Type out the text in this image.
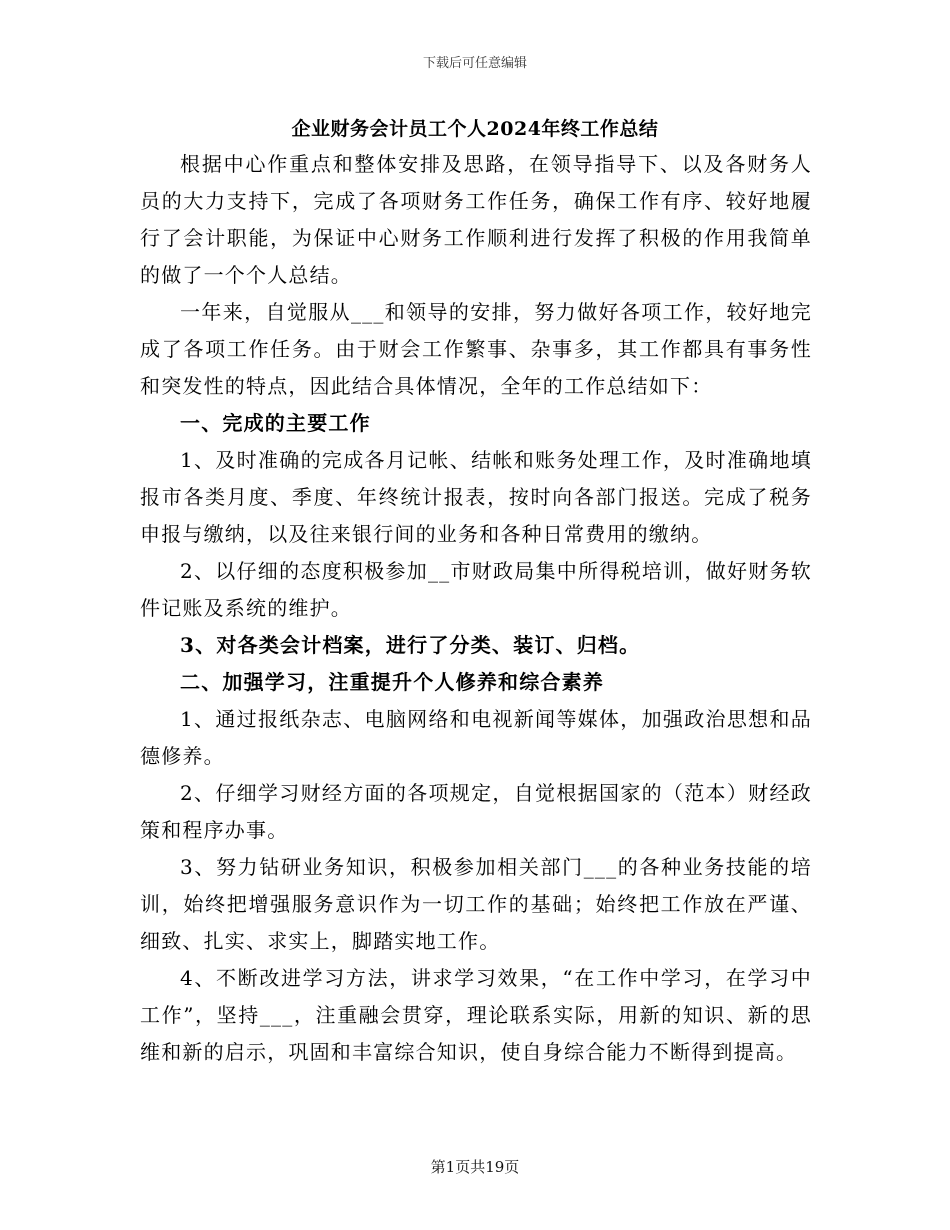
下载后可任意编辑
企业财务会计员工个人2024年终工作总结

根据中心作重点和整体安排及思路，在领导指导下、以及各财务人员的大力支持下，完成了各项财务工作任务，确保工作有序、较好地履行了会计职能，为保证中心财务工作顺利进行发挥了积极的作用我简单的做了一个个人总结。

一年来，自觉服从___和领导的安排，努力做好各项工作，较好地完成了各项工作任务。由于财会工作繁事、杂事多，其工作都具有事务性和突发性的特点，因此结合具体情况，全年的工作总结如下：

一、完成的主要工作

1、及时准确的完成各月记帐、结帐和账务处理工作，及时准确地填报市各类月度、季度、年终统计报表，按时向各部门报送。完成了税务申报与缴纳，以及往来银行间的业务和各种日常费用的缴纳。

2、以仔细的态度积极参加__市财政局集中所得税培训，做好财务软件记账及系统的维护。

3、对各类会计档案，进行了分类、装订、归档。

二、加强学习，注重提升个人修养和综合素养

1、通过报纸杂志、电脑网络和电视新闻等媒体，加强政治思想和品德修养。

2、仔细学习财经方面的各项规定，自觉根据国家的（范本）财经政策和程序办事。

3、努力钻研业务知识，积极参加相关部门___的各种业务技能的培训，始终把增强服务意识作为一切工作的基础；始终把工作放在严谨、细致、扎实、求实上，脚踏实地工作。

4、不断改进学习方法，讲求学习效果，“在工作中学习，在学习中工作”，坚持___，注重融会贯穿，理论联系实际，用新的知识、新的思维和新的启示，巩固和丰富综合知识，使自身综合能力不断得到提高。

第1页共19页
